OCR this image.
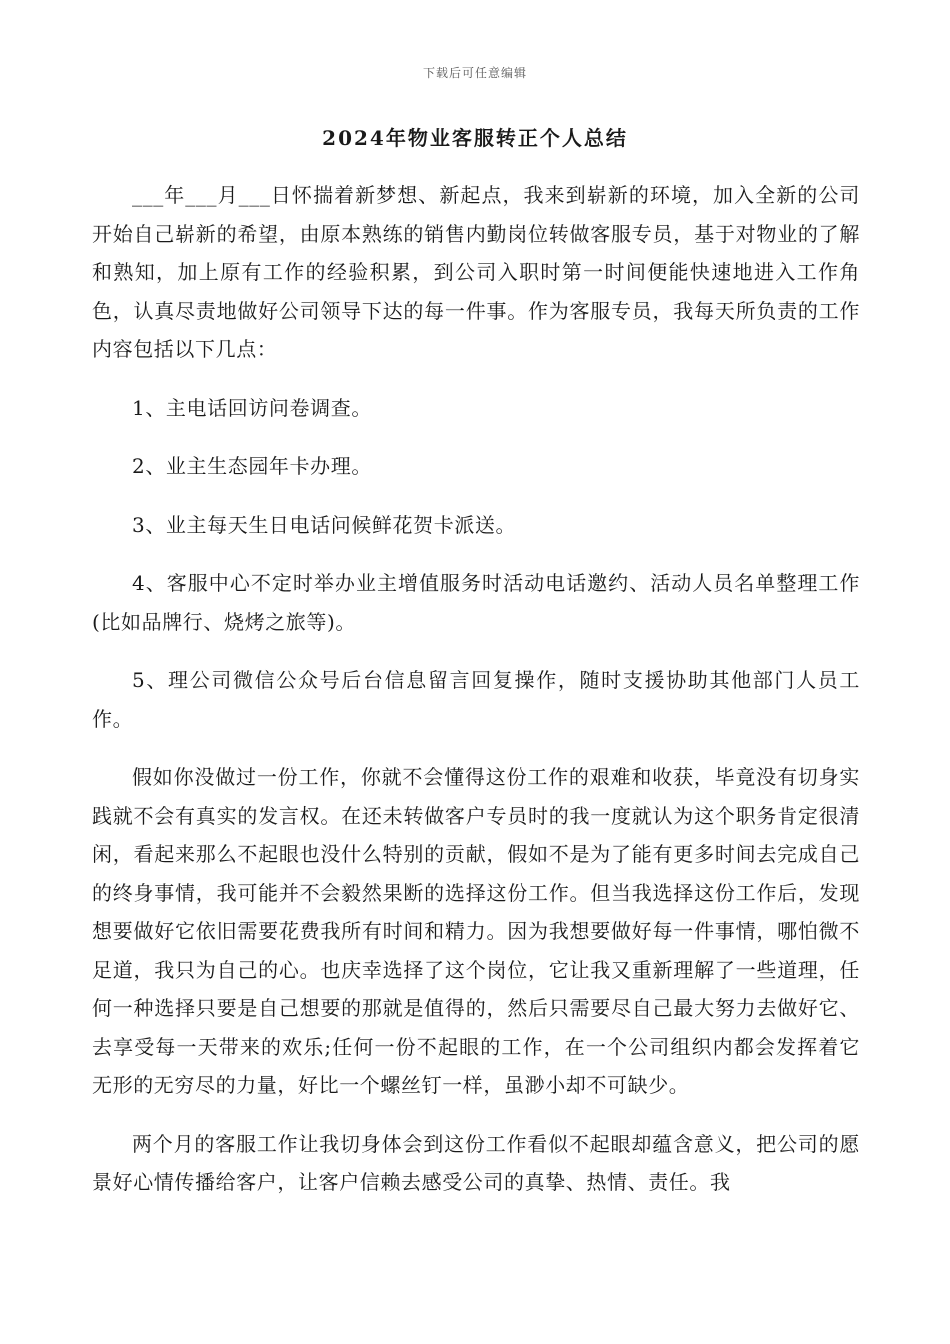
下载后可任意编辑
2024年物业客服转正个人总结

___年___月___日怀揣着新梦想、新起点，我来到崭新的环境，加入全新的公司开始自己崭新的希望，由原本熟练的销售内勤岗位转做客服专员，基于对物业的了解和熟知，加上原有工作的经验积累，到公司入职时第一时间便能快速地进入工作角色，认真尽责地做好公司领导下达的每一件事。作为客服专员，我每天所负责的工作内容包括以下几点：

1、主电话回访问卷调查。

2、业主生态园年卡办理。

3、业主每天生日电话问候鲜花贺卡派送。

4、客服中心不定时举办业主增值服务时活动电话邀约、活动人员名单整理工作(比如品牌行、烧烤之旅等)。

5、理公司微信公众号后台信息留言回复操作，随时支援协助其他部门人员工作。

假如你没做过一份工作，你就不会懂得这份工作的艰难和收获，毕竟没有切身实践就不会有真实的发言权。在还未转做客户专员时的我一度就认为这个职务肯定很清闲，看起来那么不起眼也没什么特别的贡献，假如不是为了能有更多时间去完成自己的终身事情，我可能并不会毅然果断的选择这份工作。但当我选择这份工作后，发现想要做好它依旧需要花费我所有时间和精力。因为我想要做好每一件事情，哪怕微不足道，我只为自己的心。也庆幸选择了这个岗位，它让我又重新理解了一些道理，任何一种选择只要是自己想要的那就是值得的，然后只需要尽自己最大努力去做好它、去享受每一天带来的欢乐;任何一份不起眼的工作，在一个公司组织内都会发挥着它无形的无穷尽的力量，好比一个螺丝钉一样，虽渺小却不可缺少。

两个月的客服工作让我切身体会到这份工作看似不起眼却蕴含意义，把公司的愿景好心情传播给客户，让客户信赖去感受公司的真挚、热情、责任。我
